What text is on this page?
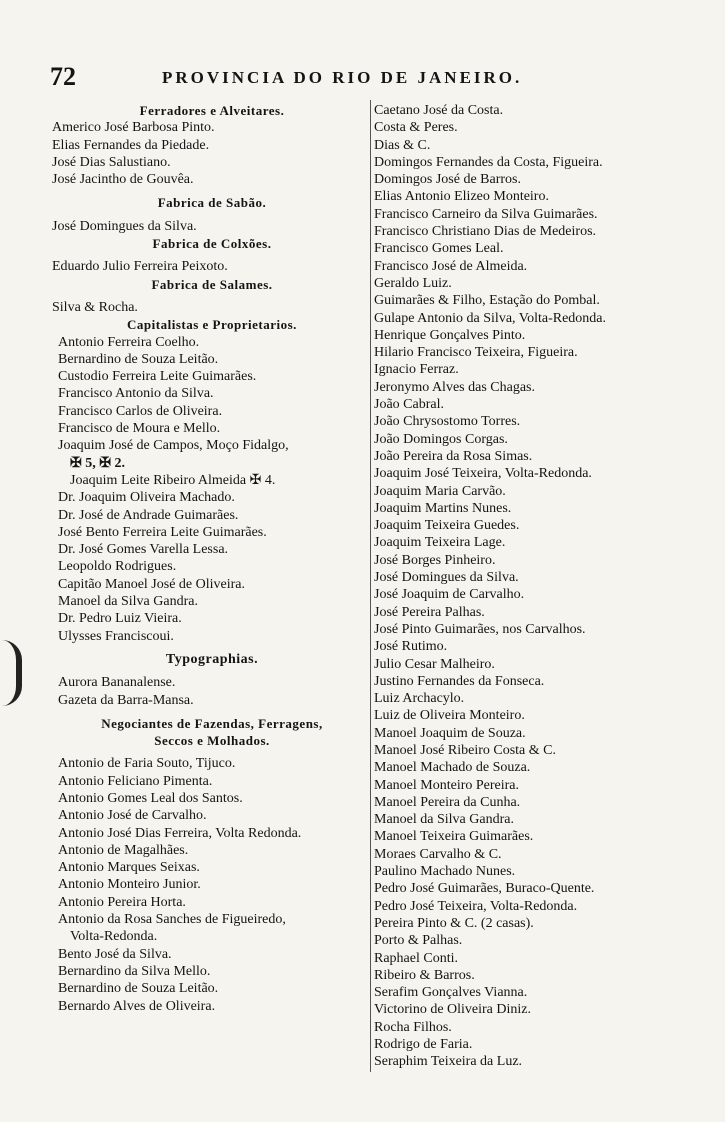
72	PROVINCIA DO RIO DE JANEIRO.
Ferradores e Alveitares.
Americo José Barbosa Pinto.
Elias Fernandes da Piedade.
José Dias Salustiano.
José Jacintho de Gouvêa.
Fabrica de Sabão.
José Domingues da Silva.
Fabrica de Colxões.
Eduardo Julio Ferreira Peixoto.
Fabrica de Salames.
Silva & Rocha.
Capitalistas e Proprietarios.
Antonio Ferreira Coelho.
Bernardino de Souza Leitão.
Custodio Ferreira Leite Guimarães.
Francisco Antonio da Silva.
Francisco Carlos de Oliveira.
Francisco de Moura e Mello.
Joaquim José de Campos, Moço Fidalgo,
✠ 5, ✠ 2.
Joaquim Leite Ribeiro Almeida ✠ 4.
Dr. Joaquim Oliveira Machado.
Dr. José de Andrade Guimarães.
José Bento Ferreira Leite Guimarães.
Dr. José Gomes Varella Lessa.
Leopoldo Rodrigues.
Capitão Manoel José de Oliveira.
Manoel da Silva Gandra.
Dr. Pedro Luiz Vieira.
Ulysses Franciscoui.
Typographias.
Aurora Bananalense.
Gazeta da Barra-Mansa.
Negociantes de Fazendas, Ferragens,
Seccos e Molhados.
Antonio de Faria Souto, Tijuco.
Antonio Feliciano Pimenta.
Antonio Gomes Leal dos Santos.
Antonio José de Carvalho.
Antonio José Dias Ferreira, Volta Redonda.
Antonio de Magalhães.
Antonio Marques Seixas.
Antonio Monteiro Junior.
Antonio Pereira Horta.
Antonio da Rosa Sanches de Figueiredo,
Volta-Redonda.
Bento José da Silva.
Bernardino da Silva Mello.
Bernardino de Souza Leitão.
Bernardo Alves de Oliveira.
Caetano José da Costa.
Costa & Peres.
Dias & C.
Domingos Fernandes da Costa, Figueira.
Domingos José de Barros.
Elias Antonio Elizeo Monteiro.
Francisco Carneiro da Silva Guimarães.
Francisco Christiano Dias de Medeiros.
Francisco Gomes Leal.
Francisco José de Almeida.
Geraldo Luiz.
Guimarães & Filho, Estação do Pombal.
Gulape Antonio da Silva, Volta-Redonda.
Henrique Gonçalves Pinto.
Hilario Francisco Teixeira, Figueira.
Ignacio Ferraz.
Jeronymo Alves das Chagas.
João Cabral.
João Chrysostomo Torres.
João Domingos Corgas.
João Pereira da Rosa Simas.
Joaquim José Teixeira, Volta-Redonda.
Joaquim Maria Carvão.
Joaquim Martins Nunes.
Joaquim Teixeira Guedes.
Joaquim Teixeira Lage.
José Borges Pinheiro.
José Domingues da Silva.
José Joaquim de Carvalho.
José Pereira Palhas.
José Pinto Guimarães, nos Carvalhos.
José Rutimo.
Julio Cesar Malheiro.
Justino Fernandes da Fonseca.
Luiz Archacylo.
Luiz de Oliveira Monteiro.
Manoel Joaquim de Souza.
Manoel José Ribeiro Costa & C.
Manoel Machado de Souza.
Manoel Monteiro Pereira.
Manoel Pereira da Cunha.
Manoel da Silva Gandra.
Manoel Teixeira Guimarães.
Moraes Carvalho & C.
Paulino Machado Nunes.
Pedro José Guimarães, Buraco-Quente.
Pedro José Teixeira, Volta-Redonda.
Pereira Pinto & C. (2 casas).
Porto & Palhas.
Raphael Conti.
Ribeiro & Barros.
Serafim Gonçalves Vianna.
Victorino de Oliveira Diniz.
Rocha Filhos.
Rodrigo de Faria.
Seraphim Teixeira da Luz.
